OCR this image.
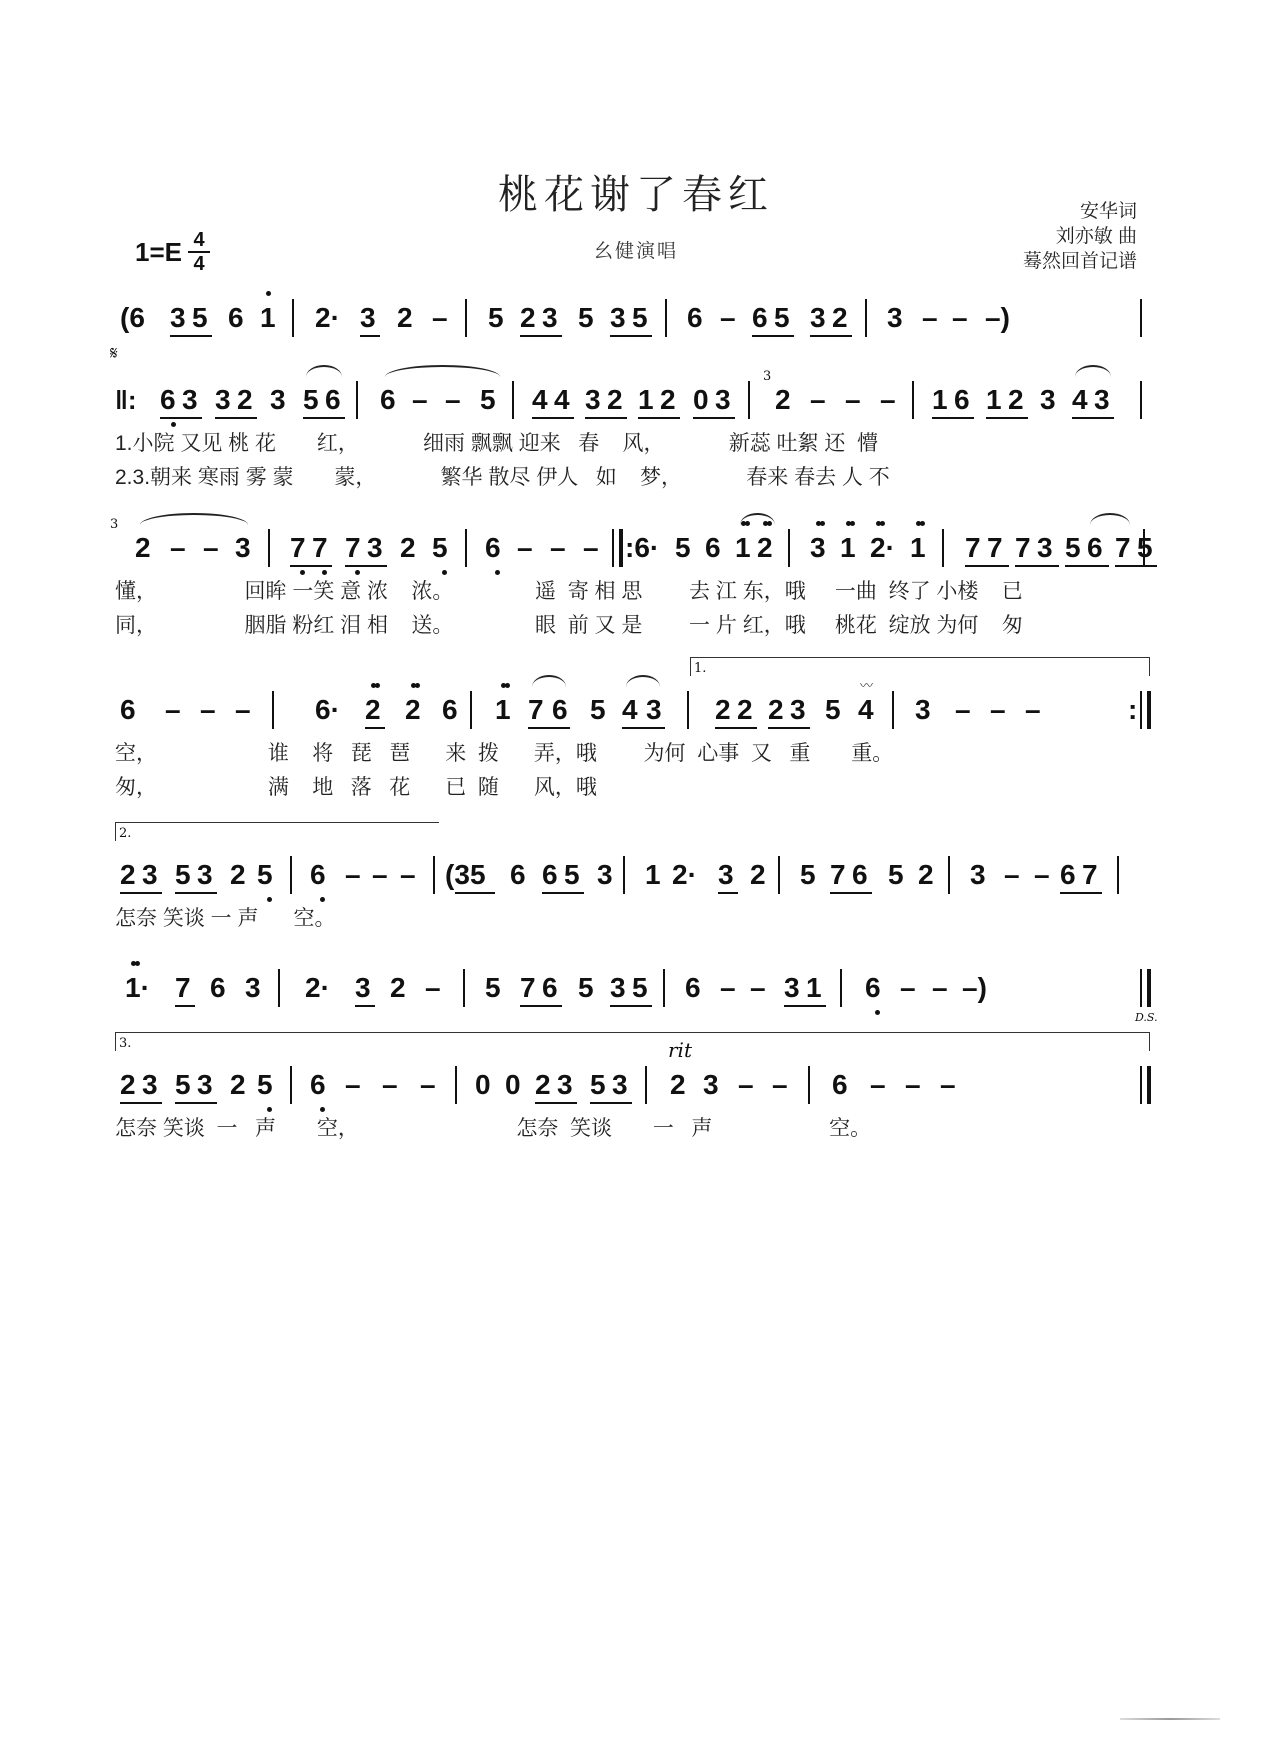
桃花谢了春红
幺健演唱
安华词
刘亦敏 曲
蓦然回首记谱
$1=E \frac{4}{4}$
(6 3 5 6 1 2· 3 2 – 5 2 3 5 3 5 6 – 6 5 3 2 3 – – –)
‖: 6 3 3 2 3 5 6 6 – – 5 4 4 3 2 1 2 0 3 2 – – – 1 6 1 2 3 4 3
3
𝄋
1.小院 又见 桃 花       红，           细雨 飘飘 迎来   春    风，           新蕊 吐絮 还  懵
2.3.朝来 寒雨 雾 蒙       蒙，           繁华 散尽 伊人   如    梦，           春来 春去 人 不
2 – – 3 7 7 7 3 2 5 6 – – – :6· 5 6 1 2 3 1 2· 1 7 7 7 3 5 6 7 5
3
懂，               回眸 一笑 意 浓    浓。              遥  寄 相 思        去 江 东，哦     一曲  终了 小楼    已
同，               胭脂 粉红 泪 相    送。              眼  前 又 是        一 片 红，哦     桃花  绽放 为何    匆
6 – – – 6· 2 2 6 1 7 6 5 4 3 2 2 2 3 5 4 3 – – –	:
〰
1.
空，                   谁    将   琵   琶      来  拨      弄，哦        为何  心事  又   重       重。
匆，                   满    地   落   花      已  随      风，哦
2 3 5 3 2 5 6 – – – (3 5 6 6 5 3 1 2· 3 2 5 7 6 5 2 3 – – 6 7
2.
怎奈 笑谈 一 声      空。
1· 7 6 3 2· 3 2 – 5 7 6 5 3 5 6 – – 3 1 6 – – –)
D.S.
2 3 5 3 2 5 6 – – – 0 0 2 3 5 3 2 3 – – 6 – – –
3.	rit
怎奈 笑谈  一   声       空，                           怎奈  笑谈       一   声                    空。
